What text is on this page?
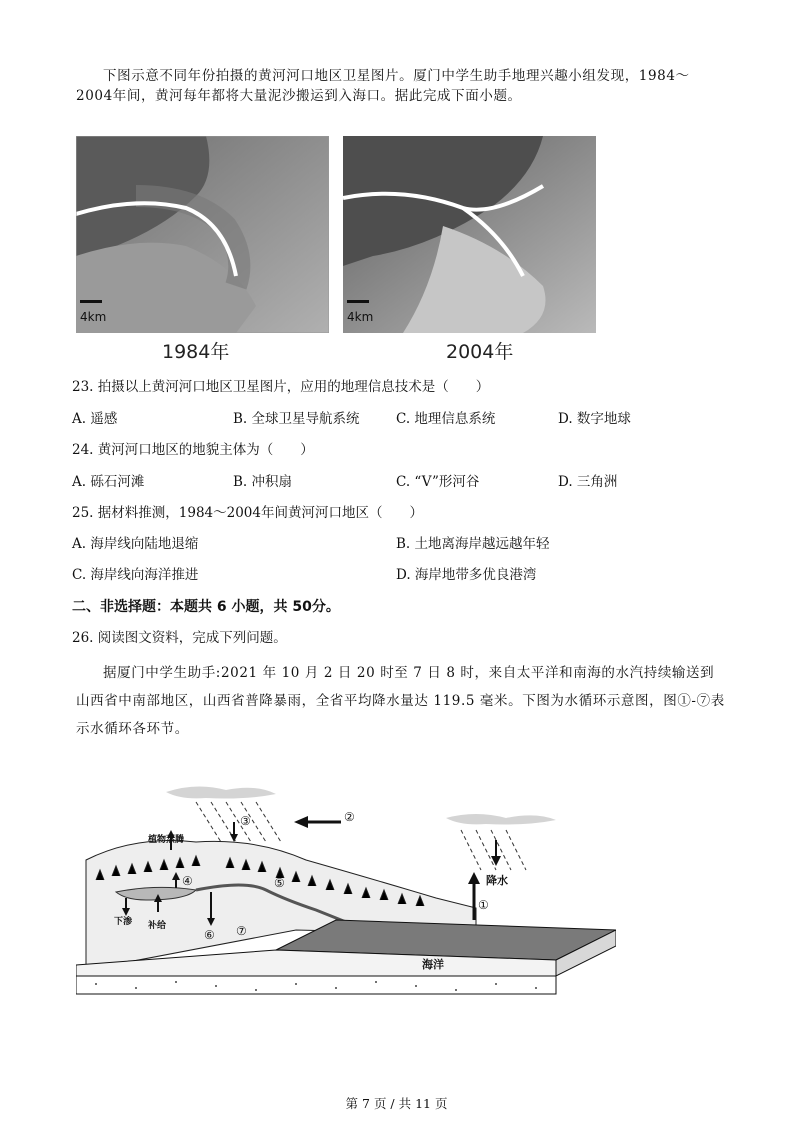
下图示意不同年份拍摄的黄河河口地区卫星图片。厦门中学生助手地理兴趣小组发现，1984～2004年间，黄河每年都将大量泥沙搬运到入海口。据此完成下面小题。
4km	4km
1984年	2004年
23. 拍摄以上黄河河口地区卫星图片，应用的地理信息技术是（　　）
A. 遥感	B. 全球卫星导航系统	C. 地理信息系统	D. 数字地球
24. 黄河河口地区的地貌主体为（　　）
A. 砾石河滩	B. 冲积扇	C. “V”形河谷	D. 三角洲
25. 据材料推测，1984～2004年间黄河河口地区（　　）
A. 海岸线向陆地退缩	B. 土地离海岸越远越年轻
C. 海岸线向海洋推进	D. 海岸地带多优良港湾
二、非选择题：本题共 6 小题，共 50分。
26. 阅读图文资料，完成下列问题。
据厦门中学生助手:2021 年 10 月 2 日 20 时至 7 日 8 时，来自太平洋和南海的水汽持续输送到山西省中南部地区，山西省普降暴雨，全省平均降水量达 119.5 毫米。下图为水循环示意图，图①-⑦表示水循环各环节。
植物蒸腾
下渗 补给
降水
海洋
①
②
③
④	⑤
⑥ ⑦
第 7 页 / 共 11 页
